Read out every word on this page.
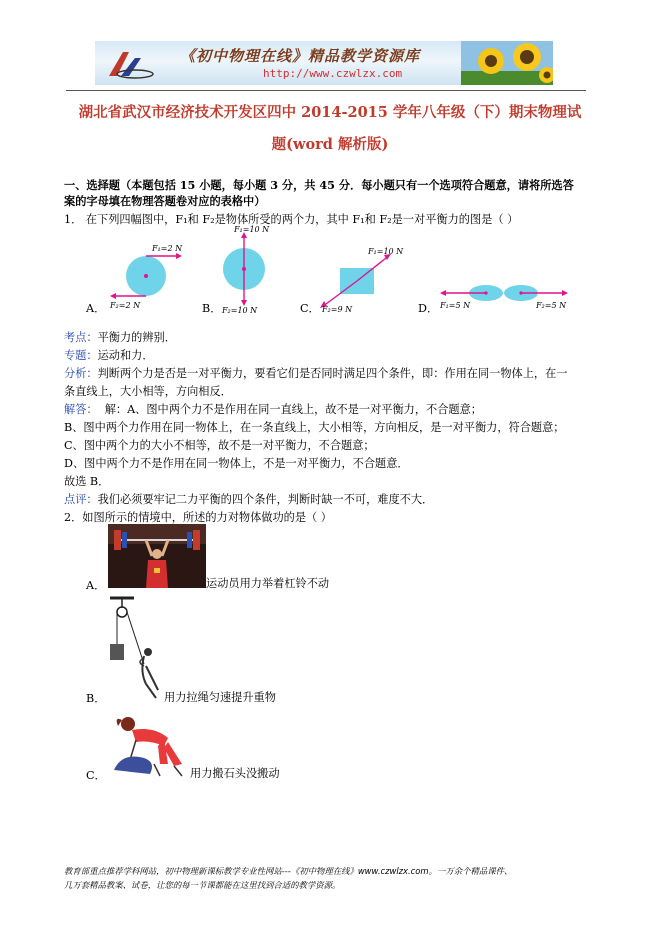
《初中物理在线》精品教学资源库
http://www.czwlzx.com
湖北省武汉市经济技术开发区四中 2014-2015 学年八年级（下）期末物理试
题(word 解析版)
一、选择题（本题包括 15 小题，每小题 3 分，共 45 分．每小题只有一个选项符合题意，请将所选答
案的字母填在物理答题卷对应的表格中）
1． 在下列四幅图中，F₁和 F₂是物体所受的两个力，其中 F₁和 F₂是一对平衡力的图是（ ）
A．
F₁=2 N
F₂=2 N	B．
F₁=10 N
F₂=10 N	C．
F₁=10 N
F₂=9 N	D． F₁=5 N	F₂=5 N
考点：平衡力的辨别．
专题：运动和力．
分析：判断两个力是否是一对平衡力，要看它们是否同时满足四个条件，即：作用在同一物体上，在一
条直线上，大小相等，方向相反．
解答： 解：A、图中两个力不是作用在同一直线上，故不是一对平衡力，不合题意；
B、图中两个力作用在同一物体上，在一条直线上，大小相等，方向相反，是一对平衡力，符合题意；
C、图中两个力的大小不相等，故不是一对平衡力，不合题意；
D、图中两个力不是作用在同一物体上，不是一对平衡力，不合题意．
故选 B．
点评：我们必须要牢记二力平衡的四个条件，判断时缺一不可，难度不大．
2．如图所示的情境中，所述的力对物体做功的是（ ）
A．	运动员用力举着杠铃不动
B．	用力拉绳匀速提升重物
C．	用力搬石头没搬动
教育部重点推荐学科网站，初中物理新课标教学专业性网站---《初中物理在线》www.czwlzx.com。一万余个精品课件、
几万套精品教案、试卷，让您的每一节课都能在这里找到合适的教学资源。
